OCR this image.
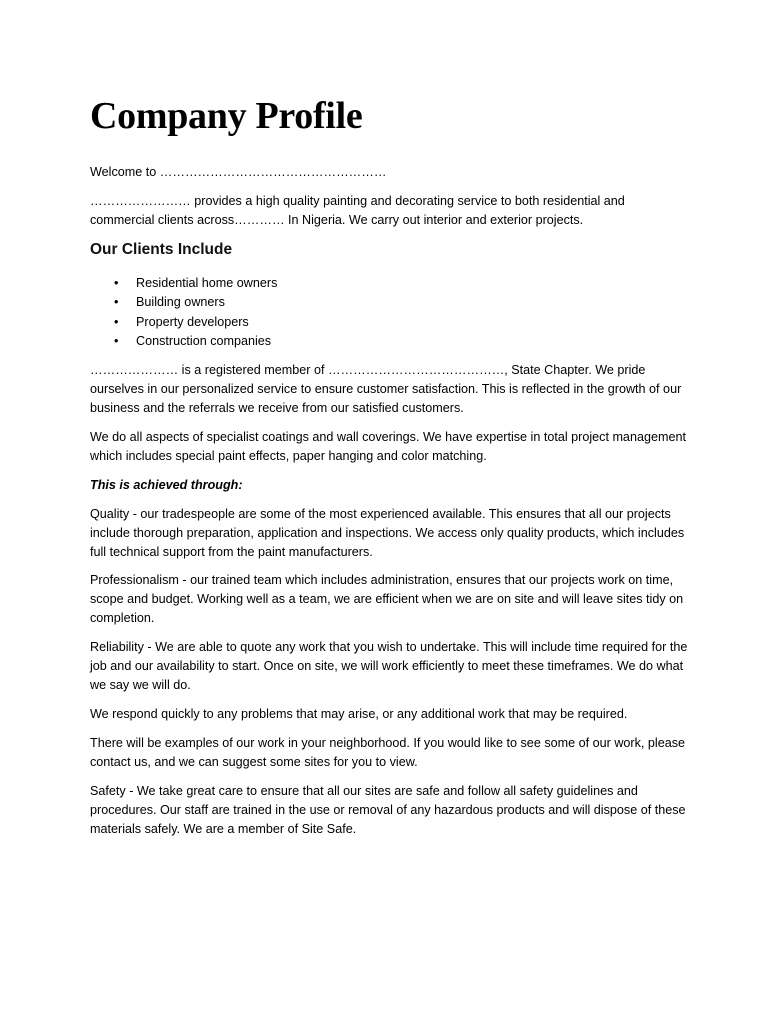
Company Profile

Welcome to ………………………………………………

…………………… provides a high quality painting and decorating service to both residential and commercial clients across………… In Nigeria. We carry out interior and exterior projects.

Our Clients Include
• Residential home owners
• Building owners
• Property developers
• Construction companies

………………… is a registered member of ……………………………………, State Chapter. We pride ourselves in our personalized service to ensure customer satisfaction. This is reflected in the growth of our business and the referrals we receive from our satisfied customers.

We do all aspects of specialist coatings and wall coverings. We have expertise in total project management which includes special paint effects, paper hanging and color matching.

This is achieved through:

Quality - our tradespeople are some of the most experienced available. This ensures that all our projects include thorough preparation, application and inspections. We access only quality products, which includes full technical support from the paint manufacturers.

Professionalism - our trained team which includes administration, ensures that our projects work on time, scope and budget. Working well as a team, we are efficient when we are on site and will leave sites tidy on completion.

Reliability - We are able to quote any work that you wish to undertake. This will include time required for the job and our availability to start. Once on site, we will work efficiently to meet these timeframes. We do what we say we will do.

We respond quickly to any problems that may arise, or any additional work that may be required.

There will be examples of our work in your neighborhood. If you would like to see some of our work, please contact us, and we can suggest some sites for you to view.

Safety - We take great care to ensure that all our sites are safe and follow all safety guidelines and procedures. Our staff are trained in the use or removal of any hazardous products and will dispose of these materials safely. We are a member of Site Safe.
